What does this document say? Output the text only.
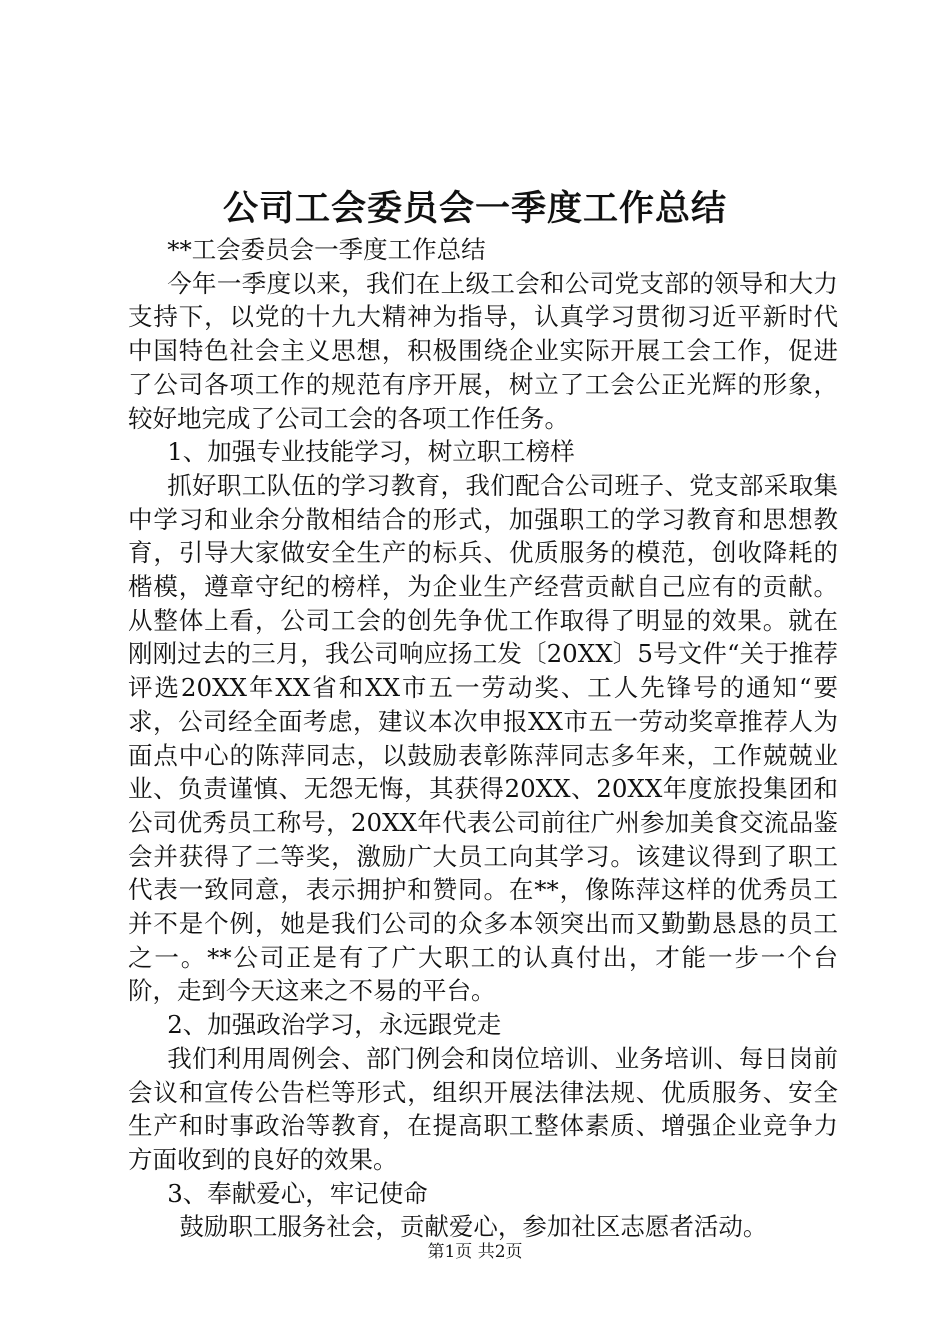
公司工会委员会一季度工作总结

**工会委员会一季度工作总结

今年一季度以来，我们在上级工会和公司党支部的领导和大力支持下，以党的十九大精神为指导，认真学习贯彻习近平新时代中国特色社会主义思想，积极围绕企业实际开展工会工作，促进了公司各项工作的规范有序开展，树立了工会公正光辉的形象，较好地完成了公司工会的各项工作任务。

1、加强专业技能学习，树立职工榜样

抓好职工队伍的学习教育，我们配合公司班子、党支部采取集中学习和业余分散相结合的形式，加强职工的学习教育和思想教育，引导大家做安全生产的标兵、优质服务的模范，创收降耗的楷模，遵章守纪的榜样，为企业生产经营贡献自己应有的贡献。从整体上看，公司工会的创先争优工作取得了明显的效果。就在刚刚过去的三月，我公司响应扬工发〔20XX〕5号文件“关于推荐评选20XX年XX省和XX市五一劳动奖、工人先锋号的通知“要求，公司经全面考虑，建议本次申报XX市五一劳动奖章推荐人为面点中心的陈萍同志，以鼓励表彰陈萍同志多年来，工作兢兢业业、负责谨慎、无怨无悔，其获得20XX、20XX年度旅投集团和公司优秀员工称号，20XX年代表公司前往广州参加美食交流品鉴会并获得了二等奖，激励广大员工向其学习。该建议得到了职工代表一致同意，表示拥护和赞同。在**，像陈萍这样的优秀员工并不是个例，她是我们公司的众多本领突出而又勤勤恳恳的员工之一。**公司正是有了广大职工的认真付出，才能一步一个台阶，走到今天这来之不易的平台。

2、加强政治学习，永远跟党走

我们利用周例会、部门例会和岗位培训、业务培训、每日岗前会议和宣传公告栏等形式，组织开展法律法规、优质服务、安全生产和时事政治等教育，在提高职工整体素质、增强企业竞争力方面收到的良好的效果。

3、奉献爱心，牢记使命

鼓励职工服务社会，贡献爱心，参加社区志愿者活动。

第1页 共2页
